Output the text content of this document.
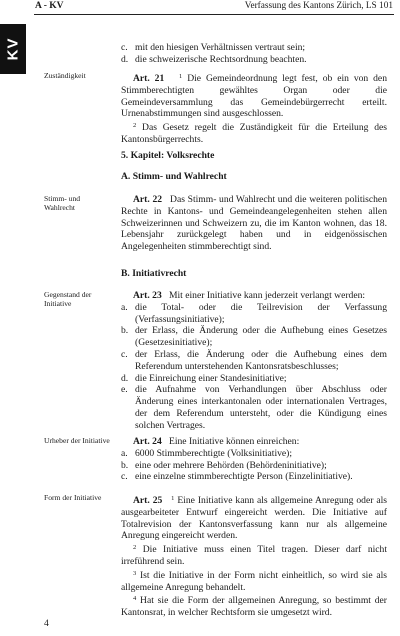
A - KV	Verfassung des Kantons Zürich, LS 101
KV	c. mit den hiesigen Verhältnissen vertraut sein;
d. die schweizerische Rechtsordnung beachten.
Zuständigkeit	Art. 21 $^1$ Die Gemeindeordnung legt fest, ob ein von den Stimmberechtigten gewähltes Organ oder die Gemeindeversammlung das Gemeindebürgerrecht erteilt. Urnenabstimmungen sind ausgeschlossen.

$^2$ Das Gesetz regelt die Zuständigkeit für die Erteilung des Kantonsbürgerrechts.

5. Kapitel: Volksrechte
A. Stimm- und Wahlrecht
Stimm- und Wahlrecht

Art. 22 Das Stimm- und Wahlrecht und die weiteren politischen Rechte in Kantons- und Gemeindeangelegenheiten stehen allen Schweizerinnen und Schweizern zu, die im Kanton wohnen, das 18. Lebensjahr zurückgelegt haben und in eidgenössischen Angelegenheiten stimmberechtigt sind.

B. Initiativrecht
Gegenstand der Initiative

Art. 23 Mit einer Initiative kann jederzeit verlangt werden:

a. die Total- oder die Teilrevision der Verfassung (Verfassungsinitiative);
b. der Erlass, die Änderung oder die Aufhebung eines Gesetzes (Gesetzesinitiative);
c. der Erlass, die Änderung oder die Aufhebung eines dem Referendum unterstehenden Kantonsratsbeschlusses;
d. die Einreichung einer Standesinitiative;
e. die Aufnahme von Verhandlungen über Abschluss oder Änderung eines interkantonalen oder internationalen Vertrages, der dem Referendum untersteht, oder die Kündigung eines solchen Vertrages.
Urheber der Initiative	Art. 24 Eine Initiative können einreichen:

a. 6000 Stimmberechtigte (Volksinitiative);
b. eine oder mehrere Behörden (Behördeninitiative);
c. eine einzelne stimmberechtigte Person (Einzelinitiative).
Form der Initiative	Art. 25 $^1$ Eine Initiative kann als allgemeine Anregung oder als ausgearbeiteter Entwurf eingereicht werden. Die Initiative auf Totalrevision der Kantonsverfassung kann nur als allgemeine Anregung eingereicht werden.

$^2$ Die Initiative muss einen Titel tragen. Dieser darf nicht irreführend sein.

$^3$ Ist die Initiative in der Form nicht einheitlich, so wird sie als allgemeine Anregung behandelt.

$^4$ Hat sie die Form der allgemeinen Anregung, so bestimmt der Kantonsrat, in welcher Rechtsform sie umgesetzt wird.

4
